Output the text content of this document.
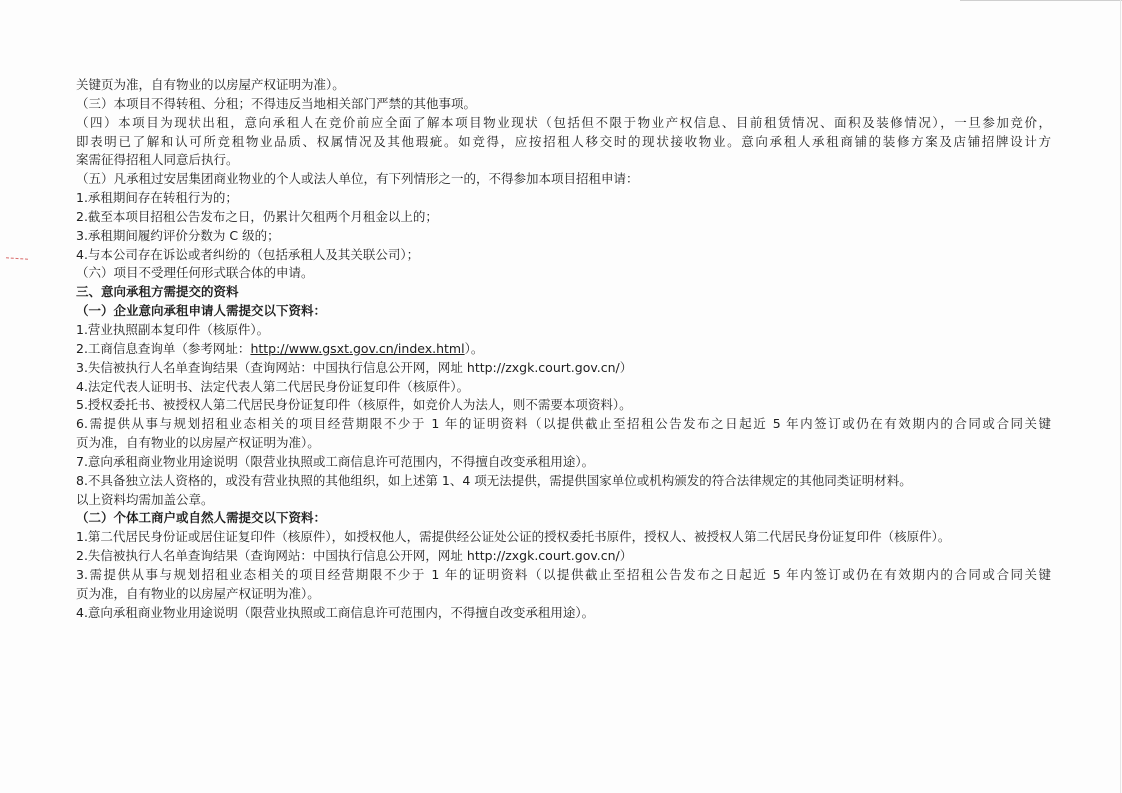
关键页为准，自有物业的以房屋产权证明为准）。
（三）本项目不得转租、分租；不得违反当地相关部门严禁的其他事项。
（四）本项目为现状出租，意向承租人在竞价前应全面了解本项目物业现状（包括但不限于物业产权信息、目前租赁情况、面积及装修情况），一旦参加竞价，
即表明已了解和认可所竞租物业品质、权属情况及其他瑕疵。如竞得，应按招租人移交时的现状接收物业。意向承租人承租商铺的装修方案及店铺招牌设计方
案需征得招租人同意后执行。
（五）凡承租过安居集团商业物业的个人或法人单位，有下列情形之一的，不得参加本项目招租申请：
1.承租期间存在转租行为的；
2.截至本项目招租公告发布之日，仍累计欠租两个月租金以上的；
3.承租期间履约评价分数为 C 级的；
4.与本公司存在诉讼或者纠纷的（包括承租人及其关联公司）；
（六）项目不受理任何形式联合体的申请。
三、意向承租方需提交的资料
（一）企业意向承租申请人需提交以下资料：
1.营业执照副本复印件（核原件）。
2.工商信息查询单（参考网址：http://www.gsxt.gov.cn/index.html）。
3.失信被执行人名单查询结果（查询网站：中国执行信息公开网，网址 http://zxgk.court.gov.cn/）
4.法定代表人证明书、法定代表人第二代居民身份证复印件（核原件）。
5.授权委托书、被授权人第二代居民身份证复印件（核原件，如竞价人为法人，则不需要本项资料）。
6.需提供从事与规划招租业态相关的项目经营期限不少于 1 年的证明资料（以提供截止至招租公告发布之日起近 5 年内签订或仍在有效期内的合同或合同关键
页为准，自有物业的以房屋产权证明为准）。
7.意向承租商业物业用途说明（限营业执照或工商信息许可范围内，不得擅自改变承租用途）。
8.不具备独立法人资格的，或没有营业执照的其他组织，如上述第 1、4 项无法提供，需提供国家单位或机构颁发的符合法律规定的其他同类证明材料。
以上资料均需加盖公章。
（二）个体工商户或自然人需提交以下资料：
1.第二代居民身份证或居住证复印件（核原件），如授权他人，需提供经公证处公证的授权委托书原件，授权人、被授权人第二代居民身份证复印件（核原件）。
2.失信被执行人名单查询结果（查询网站：中国执行信息公开网，网址 http://zxgk.court.gov.cn/）
3.需提供从事与规划招租业态相关的项目经营期限不少于 1 年的证明资料（以提供截止至招租公告发布之日起近 5 年内签订或仍在有效期内的合同或合同关键
页为准，自有物业的以房屋产权证明为准）。
4.意向承租商业物业用途说明（限营业执照或工商信息许可范围内，不得擅自改变承租用途）。
